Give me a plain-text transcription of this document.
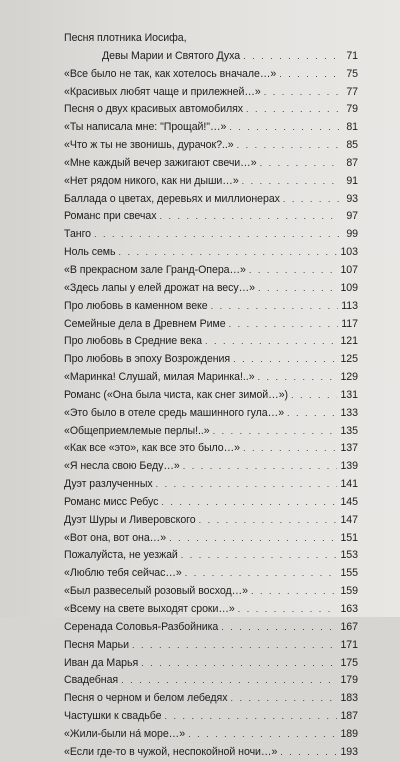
Песня плотника Иосифа,
Девы Марии и Святого Духа . . .	71
«Все было не так, как хотелось вначале…» . . .	75
«Красивых любят чаще и прилежней…» . . .	77
Песня о двух красивых автомобилях . . .	79
«Ты написала мне: "Прощай!"…» . . .	81
«Что ж ты не звонишь, дурачок?..» . . .	85
«Мне каждый вечер зажигают свечи…» . . .	87
«Нет рядом никого, как ни дыши…» . . .	91
Баллада о цветах, деревьях и миллионерах . . .	93
Романс при свечах . . .	97
Танго . . .	99
Ноль семь . . .	103
«В прекрасном зале Гранд-Опера…» . . .	107
«Здесь лапы у елей дрожат на весу…» . . .	109
Про любовь в каменном веке . . .	113
Семейные дела в Древнем Риме . . .	117
Про любовь в Средние века . . .	121
Про любовь в эпоху Возрождения . . .	125
«Маринка! Слушай, милая Маринка!..» . . .	129
Романс («Она была чиста, как снег зимой…») . . .	131
«Это было в отеле средь машинного гула…» . . .	133
«Общеприемлемые перлы!..» . . .	135
«Как все «это», как все это было…» . . .	137
«Я несла свою Беду…» . . .	139
Дуэт разлученных . . .	141
Романс мисс Ребус . . .	145
Дуэт Шуры и Ливеровского . . .	147
«Вот она, вот она…» . . .	151
Пожалуйста, не уезжай . . .	153
«Люблю тебя сейчас…» . . .	155
«Был развеселый розовый восход…» . . .	159
«Всему на свете выходят сроки…» . . .	163
Серенада Соловья-Разбойника . . .	167
Песня Марьи . . .	171
Иван да Марья . . .	175
Свадебная . . .	179
Песня о черном и белом лебедях . . .	183
Частушки к свадьбе . . .	187
«Жили-были на́ море…» . . .	189
«Если где-то в чужой, неспокойной ночи…» . . .	193
